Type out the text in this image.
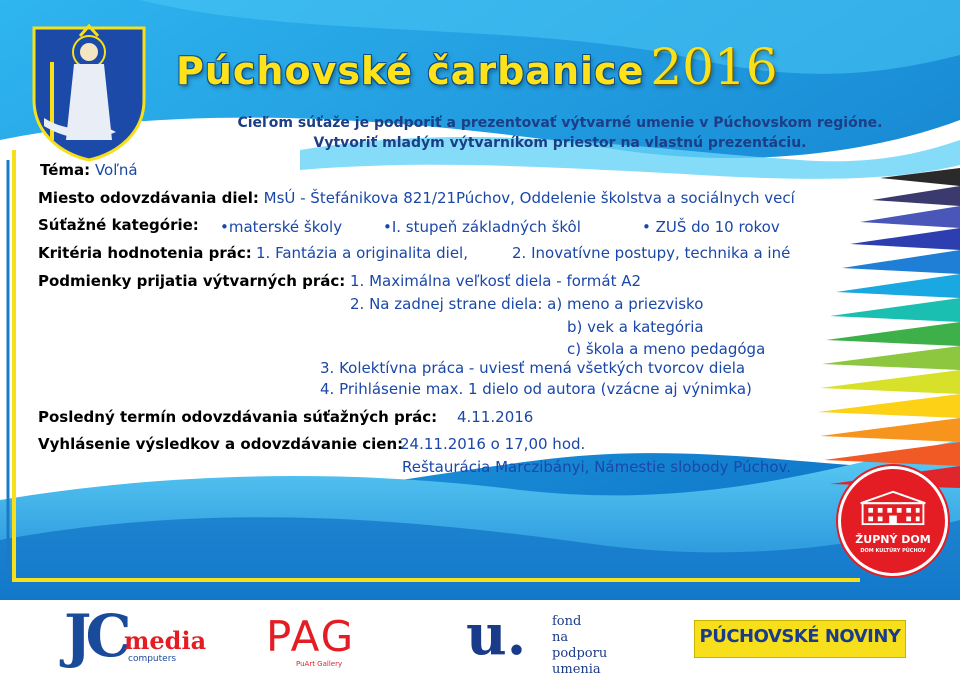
Púchovské čarbanice 2016
Cieľom súťaže je podporiť a prezentovať výtvarné umenie v Púchovskom regióne.
Vytvoriť mladým výtvarníkom priestor na vlastnú prezentáciu.
Téma: Voľná
Miesto odovzdávania diel: MsÚ - Štefánikova 821/21Púchov, Oddelenie školstva a sociálnych vecí
Súťažné kategórie: •materské školy	•I. stupeň základných škôl	• ZUŠ do 10 rokov
Kritéria hodnotenia prác: 1. Fantázia a originalita diel,	2. Inovatívne postupy, technika a iné
Podmienky prijatia výtvarných prác: 1. Maximálna veľkosť diela - formát A2
2. Na zadnej strane diela: a) meno a priezvisko
b) vek a kategória
c) škola a meno pedagóga
3. Kolektívna práca - uviesť mená všetkých tvorcov diela
4. Prihlásenie max. 1 dielo od autora (vzácne aj výnimka)
Posledný termín odovzdávania súťažných prác: 4.11.2016
Vyhlásenie výsledkov a odovzdávanie cien:
24.11.2016 o 17,00 hod.
Reštaurácia Marczibányi, Námestie slobody Púchov.
ŽUPNÝ DOM
DOM KULTÚRY PÚCHOV
JC
media
computers PAG
PuArt Gallery u. fond
na podporu
umenia
PÚCHOVSKÉ NOVINY
